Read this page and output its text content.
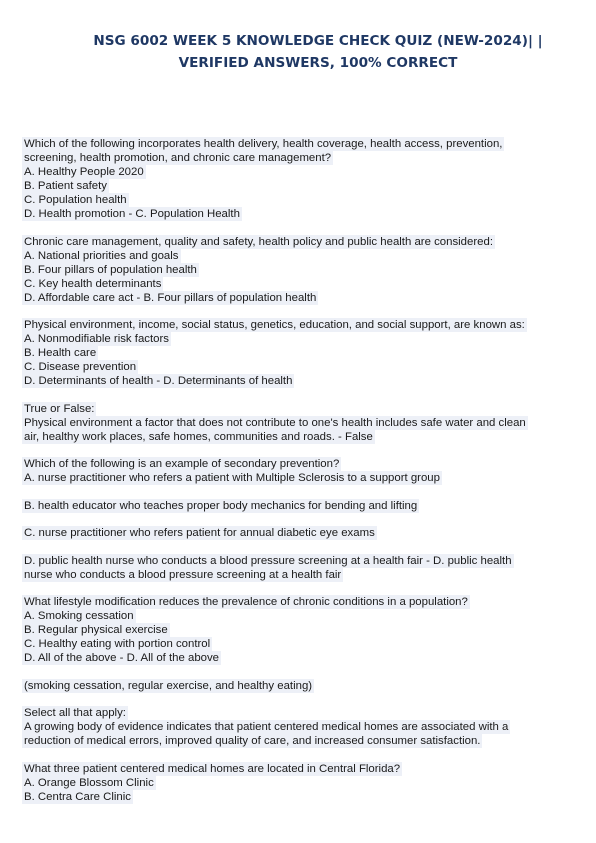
NSG 6002 WEEK 5 KNOWLEDGE CHECK QUIZ (NEW-2024)| |
VERIFIED ANSWERS, 100% CORRECT
Which of the following incorporates health delivery, health coverage, health access, prevention,
screening, health promotion, and chronic care management?
A. Healthy People 2020
B. Patient safety
C. Population health
D. Health promotion - C. Population Health
Chronic care management, quality and safety, health policy and public health are considered:
A. National priorities and goals
B. Four pillars of population health
C. Key health determinants
D. Affordable care act - B. Four pillars of population health
Physical environment, income, social status, genetics, education, and social support, are known as:
A. Nonmodifiable risk factors
B. Health care
C. Disease prevention
D. Determinants of health - D. Determinants of health
True or False:
Physical environment a factor that does not contribute to one's health includes safe water and clean
air, healthy work places, safe homes, communities and roads. - False
Which of the following is an example of secondary prevention?
A. nurse practitioner who refers a patient with Multiple Sclerosis to a support group
B. health educator who teaches proper body mechanics for bending and lifting
C. nurse practitioner who refers patient for annual diabetic eye exams
D. public health nurse who conducts a blood pressure screening at a health fair - D. public health
nurse who conducts a blood pressure screening at a health fair
What lifestyle modification reduces the prevalence of chronic conditions in a population?
A. Smoking cessation
B. Regular physical exercise
C. Healthy eating with portion control
D. All of the above - D. All of the above
(smoking cessation, regular exercise, and healthy eating)
Select all that apply:
A growing body of evidence indicates that patient centered medical homes are associated with a
reduction of medical errors, improved quality of care, and increased consumer satisfaction.
What three patient centered medical homes are located in Central Florida?
A. Orange Blossom Clinic
B. Centra Care Clinic
